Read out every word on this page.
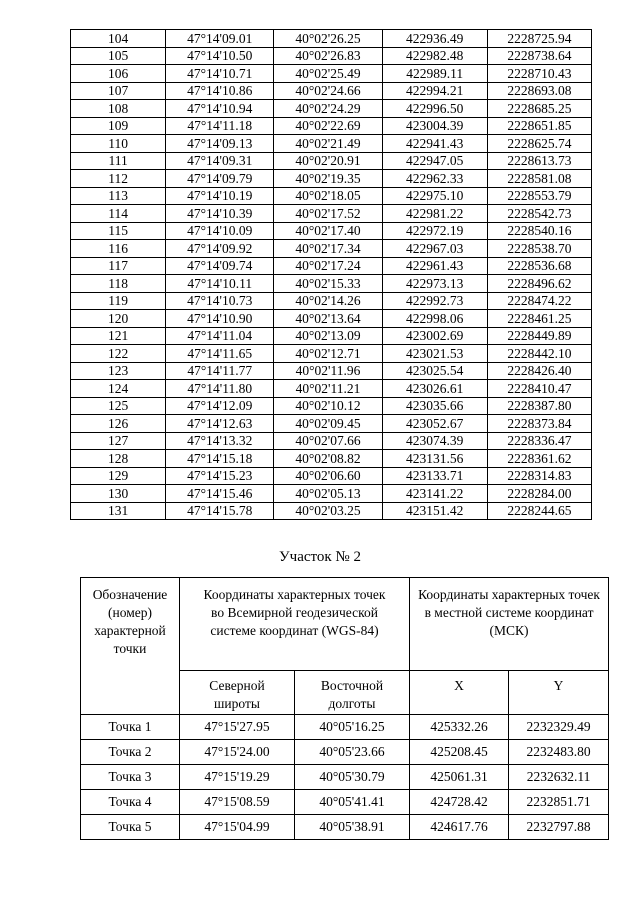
104	47°14'09.01	40°02'26.25	422936.49	2228725.94
105	47°14'10.50	40°02'26.83	422982.48	2228738.64
106	47°14'10.71	40°02'25.49	422989.11	2228710.43
107	47°14'10.86	40°02'24.66	422994.21	2228693.08
108	47°14'10.94	40°02'24.29	422996.50	2228685.25
109	47°14'11.18	40°02'22.69	423004.39	2228651.85
110	47°14'09.13	40°02'21.49	422941.43	2228625.74
111	47°14'09.31	40°02'20.91	422947.05	2228613.73
112	47°14'09.79	40°02'19.35	422962.33	2228581.08
113	47°14'10.19	40°02'18.05	422975.10	2228553.79
114	47°14'10.39	40°02'17.52	422981.22	2228542.73
115	47°14'10.09	40°02'17.40	422972.19	2228540.16
116	47°14'09.92	40°02'17.34	422967.03	2228538.70
117	47°14'09.74	40°02'17.24	422961.43	2228536.68
118	47°14'10.11	40°02'15.33	422973.13	2228496.62
119	47°14'10.73	40°02'14.26	422992.73	2228474.22
120	47°14'10.90	40°02'13.64	422998.06	2228461.25
121	47°14'11.04	40°02'13.09	423002.69	2228449.89
122	47°14'11.65	40°02'12.71	423021.53	2228442.10
123	47°14'11.77	40°02'11.96	423025.54	2228426.40
124	47°14'11.80	40°02'11.21	423026.61	2228410.47
125	47°14'12.09	40°02'10.12	423035.66	2228387.80
126	47°14'12.63	40°02'09.45	423052.67	2228373.84
127	47°14'13.32	40°02'07.66	423074.39	2228336.47
128	47°14'15.18	40°02'08.82	423131.56	2228361.62
129	47°14'15.23	40°02'06.60	423133.71	2228314.83
130	47°14'15.46	40°02'05.13	423141.22	2228284.00
131	47°14'15.78	40°02'03.25	423151.42	2228244.65
Участок № 2
Обозначение (номер) характерной точки	Координаты характерных точек во Всемирной геодезической системе координат (WGS-84)		Координаты характерных точек в местной системе координат (МСК)	
	Северной широты	Восточной долготы	X	Y
Точка 1	47°15'27.95	40°05'16.25	425332.26	2232329.49
Точка 2	47°15'24.00	40°05'23.66	425208.45	2232483.80
Точка 3	47°15'19.29	40°05'30.79	425061.31	2232632.11
Точка 4	47°15'08.59	40°05'41.41	424728.42	2232851.71
Точка 5	47°15'04.99	40°05'38.91	424617.76	2232797.88
